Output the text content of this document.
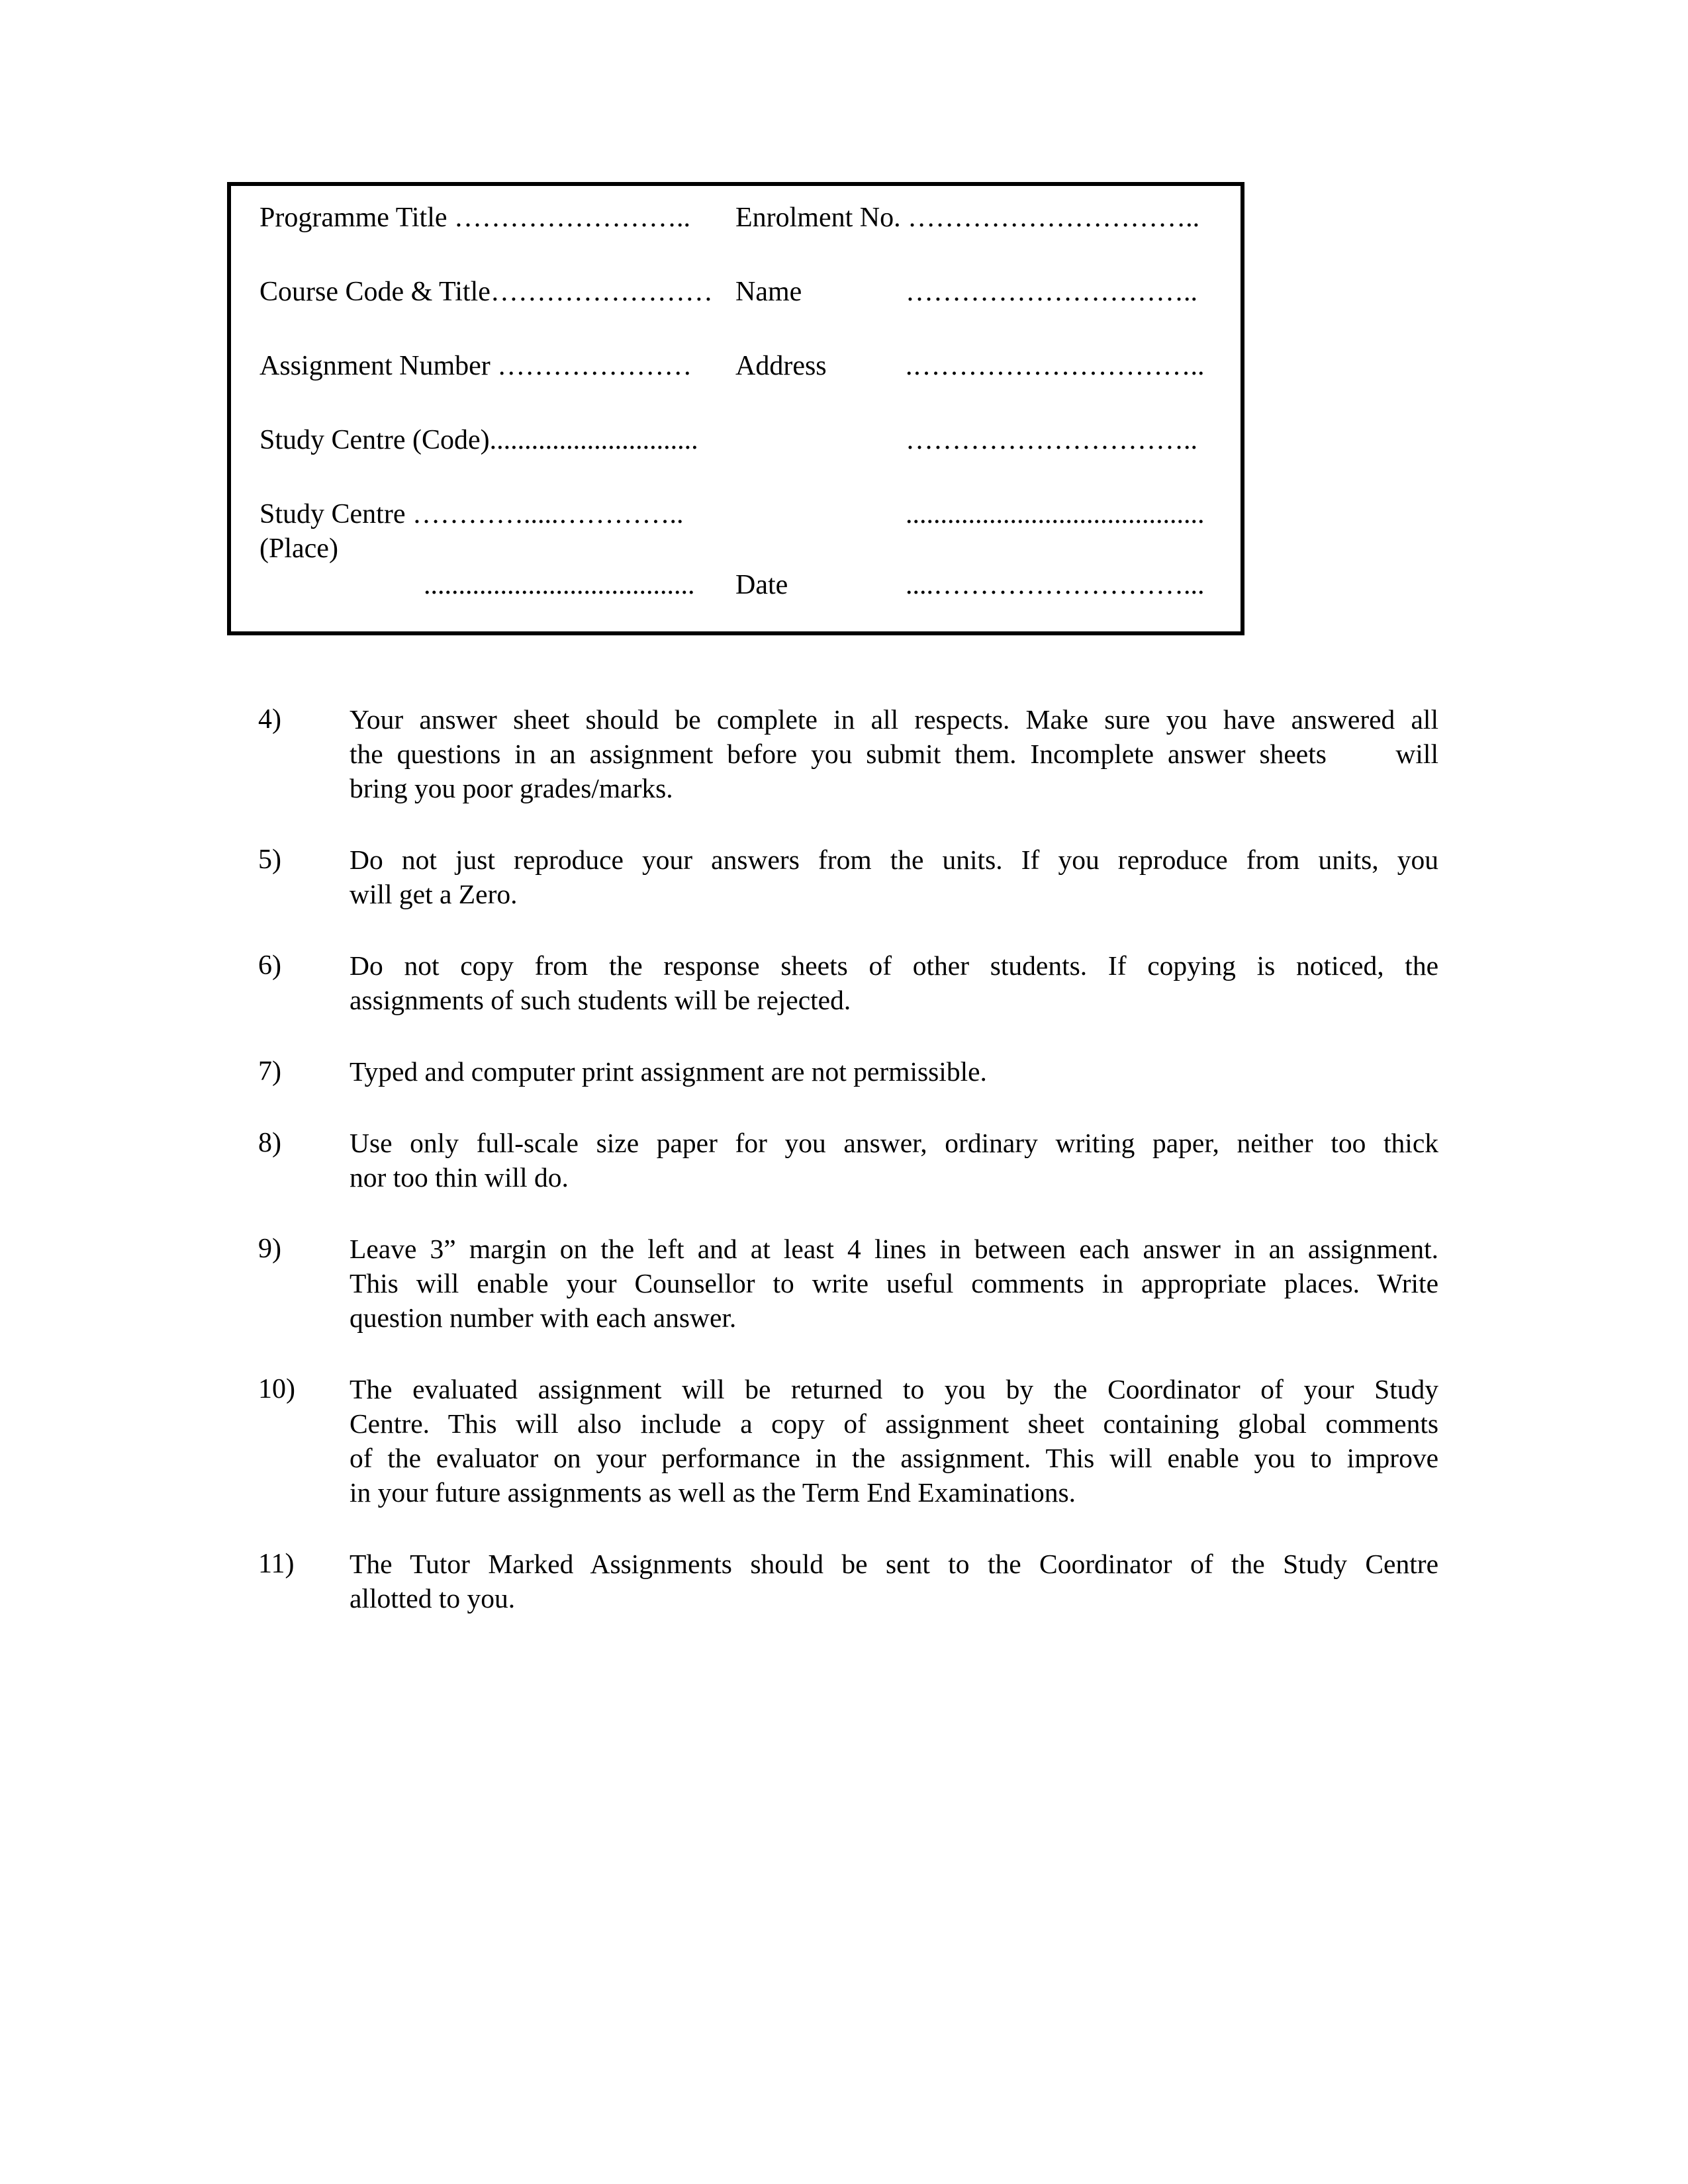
Programme Title …………………….. Enrolment No. …………………………..
Course Code & Title…………………… Name	…………………………..
Assignment Number ………………… Address	.…………………………..
Study Centre (Code)..............................	…………………………..
Study Centre ………….....…………..	...........................................
(Place)
....................................... Date	....………………………...
4)	Your answer sheet should be complete in all respects. Make sure you have answered all
the questions in an assignment before you submit them. Incomplete answer sheets     will
bring you poor grades/marks.
5)	Do not just reproduce your answers from the units. If you reproduce from units, you
will get a Zero.
6)	Do not copy from the response sheets of other students. If copying is noticed, the
assignments of such students will be rejected.
7)	Typed and computer print assignment are not permissible.
8)	Use only full-scale size paper for you answer, ordinary writing paper, neither too thick
nor too thin will do.
9)	Leave 3” margin on the left and at least 4 lines in between each answer in an assignment.
This will enable your Counsellor to write useful comments in appropriate places. Write
question number with each answer.
10)	The evaluated assignment will be returned to you by the Coordinator of your Study
Centre. This will also include a copy of assignment sheet containing global comments
of the evaluator on your performance in the assignment. This will enable you to improve
in your future assignments as well as the Term End Examinations.
11)	The Tutor Marked Assignments should be sent to the Coordinator of the Study Centre
allotted to you.
